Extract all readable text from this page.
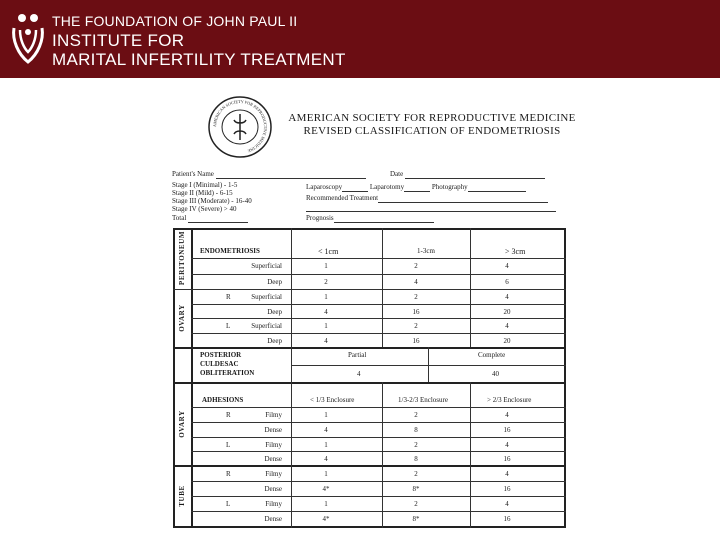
THE FOUNDATION OF JOHN PAUL II
INSTITUTE FOR
MARITAL INFERTILITY TREATMENT
AMERICAN SOCIETY FOR REPRODUCTIVE MEDICINE
AMERICAN SOCIETY FOR REPRODUCTIVE MEDICINE
REVISED CLASSIFICATION OF ENDOMETRIOSIS
Patient's Name	Date
Stage I (Minimal) - 1-5
Stage II (Mild) - 6-15
Stage III (Moderate) - 16-40
Stage IV (Severe) > 40
Total
Laparoscopy	Laparotomy	Photography
Recommended Treatment
Prognosis
PERITONEUM
OVARY
OVARY
TUBE
ENDOMETRIOSIS	< 1cm	1-3cm	> 3cm
Superficial	1	2	4
Deep	2	4	6
R	Superficial	1	2	4
Deep	4	16	20
L	Superficial	1	2	4
Deep	4	16	20
POSTERIOR
CULDESAC
OBLITERATION
Partial	Complete
4	40
ADHESIONS	< 1/3 Enclosure	1/3-2/3 Enclosure	> 2/3 Enclosure
R	Filmy	1	2	4
Dense	4	8	16
L	Filmy	1	2	4
Dense	4	8	16
R	Filmy	1	2	4
Dense	4*	8*	16
L	Filmy	1	2	4
Dense	4*	8*	16
